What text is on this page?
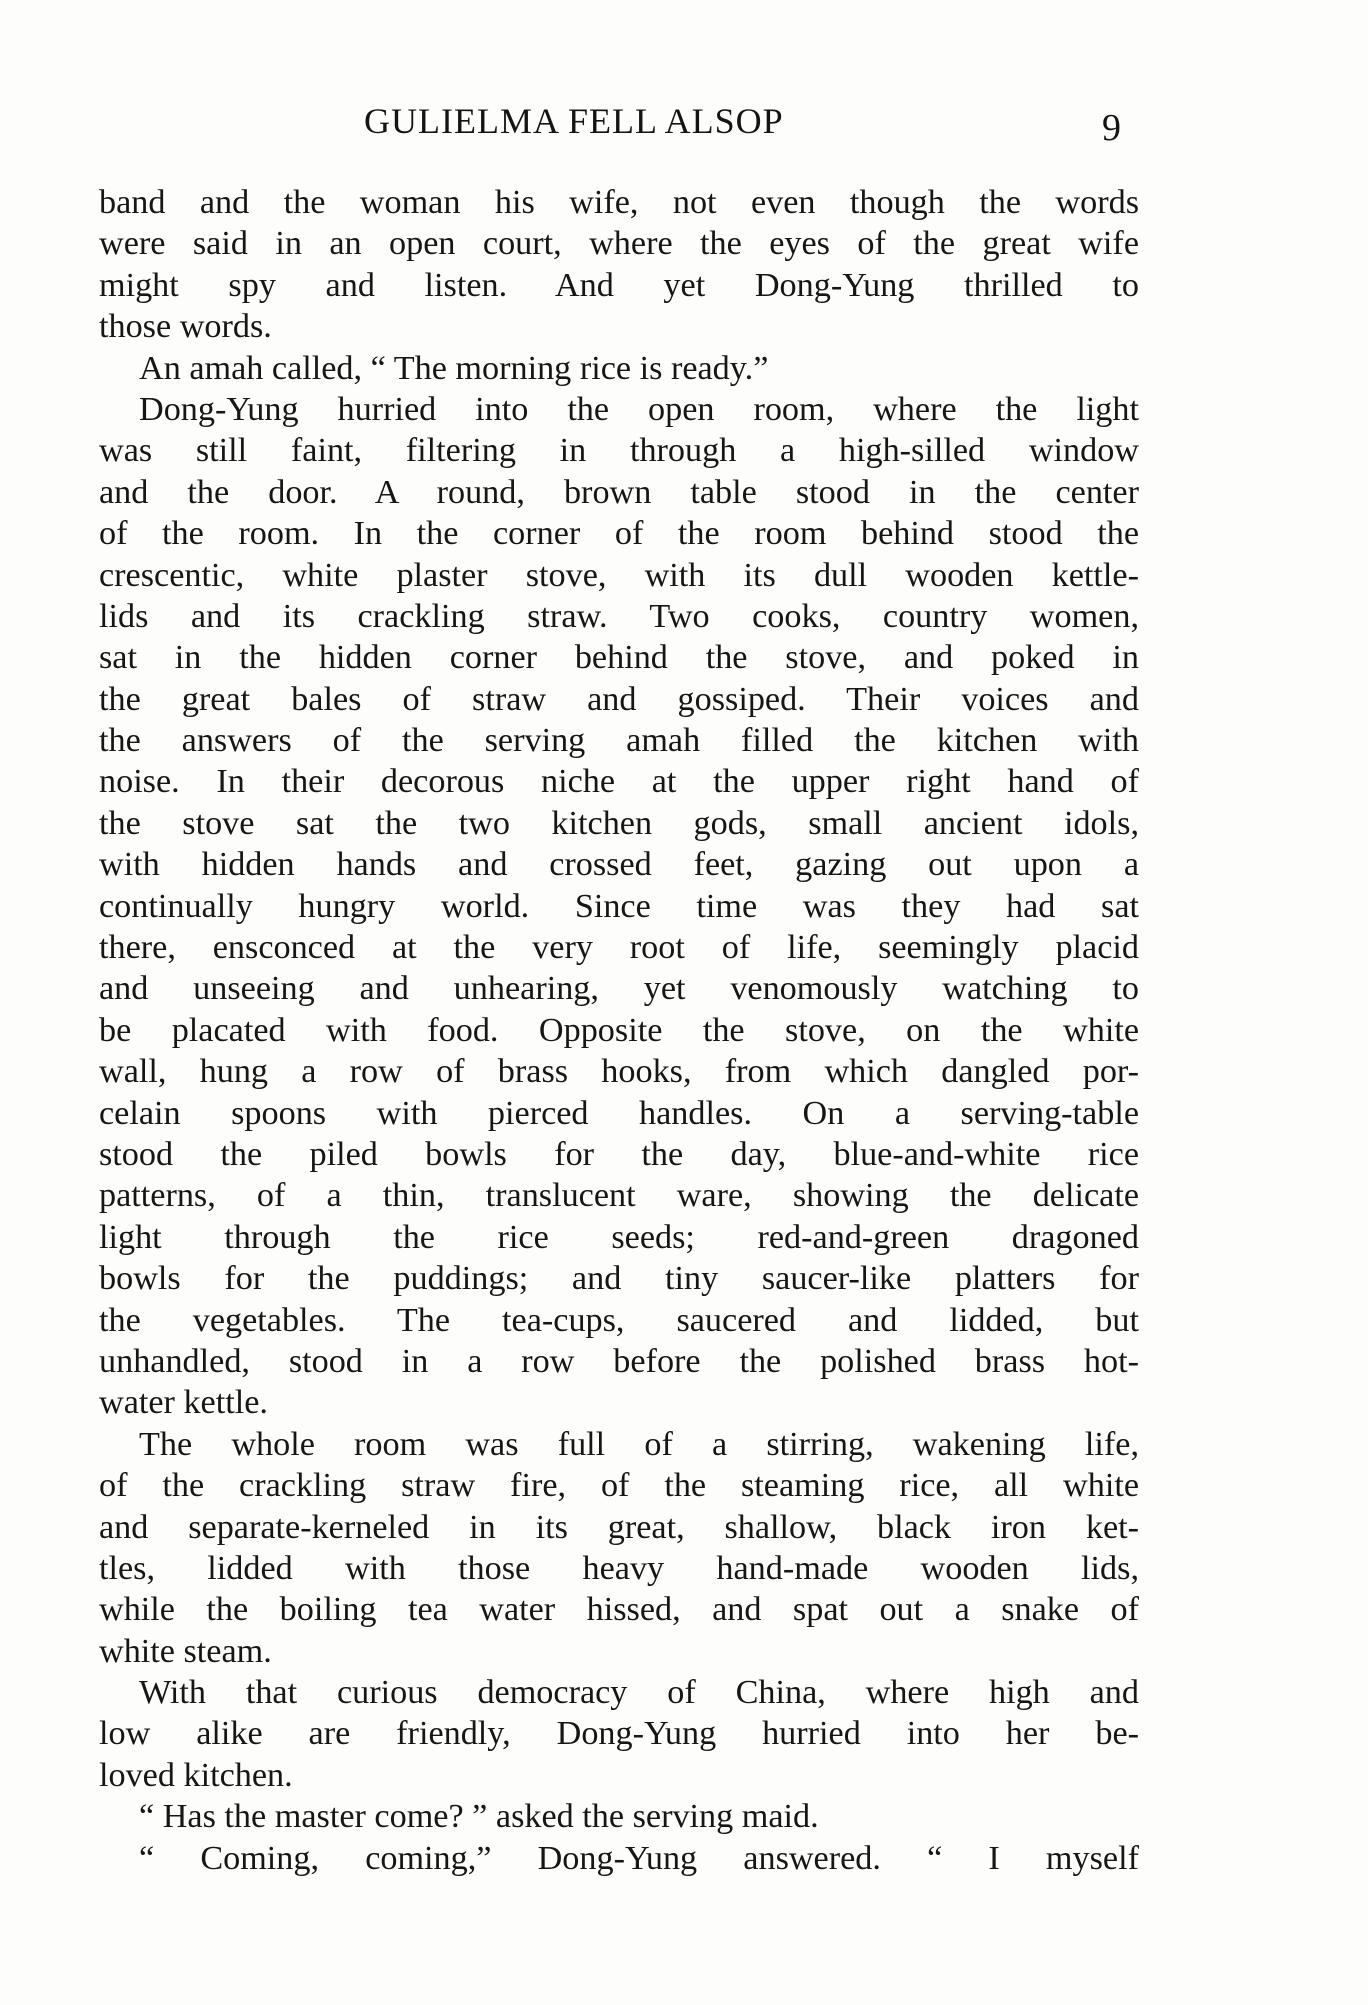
GULIELMA FELL ALSOP	9
band and the woman his wife, not even though the words
were said in an open court, where the eyes of the great wife
might spy and listen. And yet Dong-Yung thrilled to
those words.
An amah called, “ The morning rice is ready.”
Dong-Yung hurried into the open room, where the light
was still faint, filtering in through a high-silled window
and the door. A round, brown table stood in the center
of the room. In the corner of the room behind stood the
crescentic, white plaster stove, with its dull wooden kettle-
lids and its crackling straw. Two cooks, country women,
sat in the hidden corner behind the stove, and poked in
the great bales of straw and gossiped. Their voices and
the answers of the serving amah filled the kitchen with
noise. In their decorous niche at the upper right hand of
the stove sat the two kitchen gods, small ancient idols,
with hidden hands and crossed feet, gazing out upon a
continually hungry world. Since time was they had sat
there, ensconced at the very root of life, seemingly placid
and unseeing and unhearing, yet venomously watching to
be placated with food. Opposite the stove, on the white
wall, hung a row of brass hooks, from which dangled por-
celain spoons with pierced handles. On a serving-table
stood the piled bowls for the day, blue-and-white rice
patterns, of a thin, translucent ware, showing the delicate
light through the rice seeds; red-and-green dragoned
bowls for the puddings; and tiny saucer-like platters for
the vegetables. The tea-cups, saucered and lidded, but
unhandled, stood in a row before the polished brass hot-
water kettle.
The whole room was full of a stirring, wakening life,
of the crackling straw fire, of the steaming rice, all white
and separate-kerneled in its great, shallow, black iron ket-
tles, lidded with those heavy hand-made wooden lids,
while the boiling tea water hissed, and spat out a snake of
white steam.
With that curious democracy of China, where high and
low alike are friendly, Dong-Yung hurried into her be-
loved kitchen.
“ Has the master come? ” asked the serving maid.
“ Coming, coming,” Dong-Yung answered. “ I myself
